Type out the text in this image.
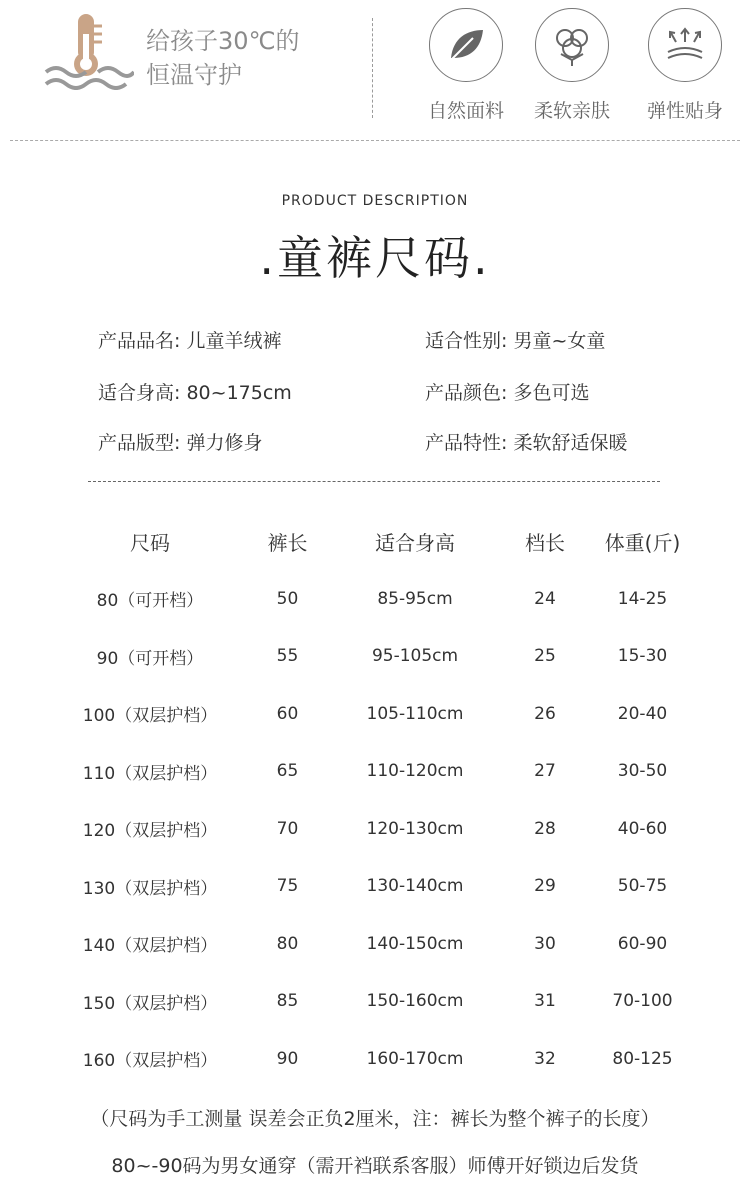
给孩子30℃的
恒温守护
自然面料	柔软亲肤	弹性贴身
PRODUCT DESCRIPTION
.童裤尺码.
产品品名 : 儿童羊绒裤	适合性别 : 男童~女童
适合身高 : 80~175cm	产品颜色 : 多色可选
产品版型 : 弹力修身	产品特性 : 柔软舒适保暖
尺码	裤长	适合身高	档长	体重(斤)
80（可开档）	50	85-95cm	24	14-25
90（可开档）	55	95-105cm	25	15-30
100（双层护档）	60	105-110cm	26	20-40
110（双层护档）	65	110-120cm	27	30-50
120（双层护档）	70	120-130cm	28	40-60
130（双层护档）	75	130-140cm	29	50-75
140（双层护档）	80	140-150cm	30	60-90
150（双层护档）	85	150-160cm	31	70-100
160（双层护档）	90	160-170cm	32	80-125
（尺码为手工测量 误差会正负2厘米，注：裤长为整个裤子的长度）
80~-90码为男女通穿（需开裆联系客服）师傅开好锁边后发货
